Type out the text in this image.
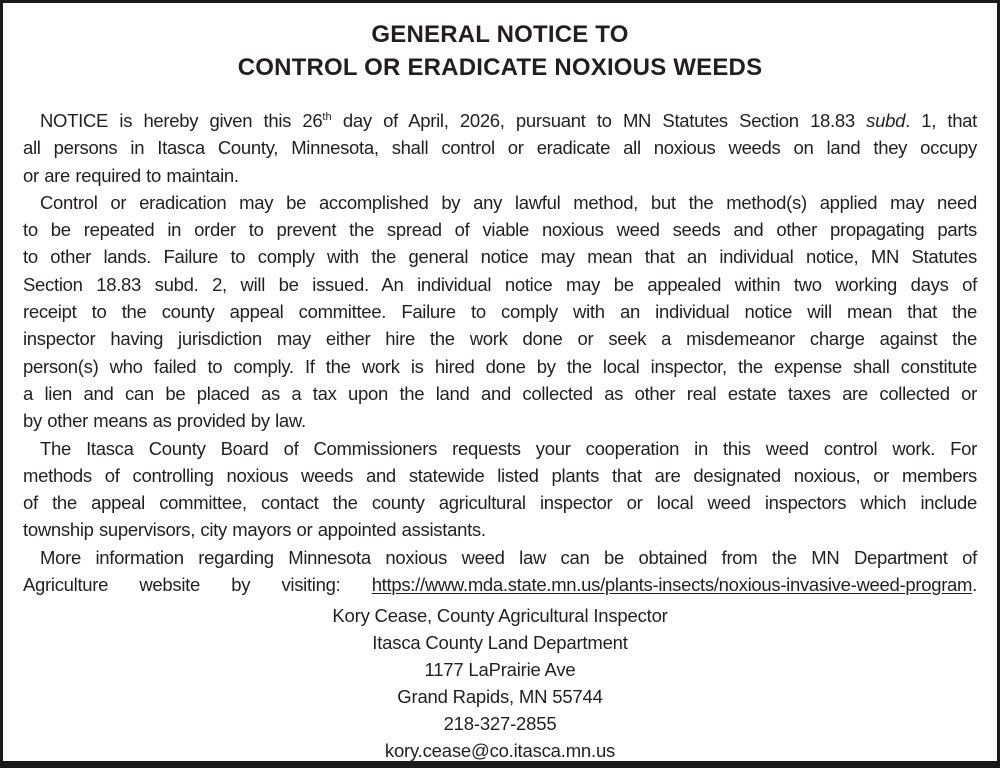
GENERAL NOTICE TO
CONTROL OR ERADICATE NOXIOUS WEEDS
NOTICE is hereby given this 26th day of April, 2026, pursuant to MN Statutes Section 18.83 subd. 1, that
all persons in Itasca County, Minnesota, shall control or eradicate all noxious weeds on land they occupy
or are required to maintain.
Control or eradication may be accomplished by any lawful method, but the method(s) applied may need
to be repeated in order to prevent the spread of viable noxious weed seeds and other propagating parts
to other lands. Failure to comply with the general notice may mean that an individual notice, MN Statutes
Section 18.83 subd. 2, will be issued. An individual notice may be appealed within two working days of
receipt to the county appeal committee. Failure to comply with an individual notice will mean that the
inspector having jurisdiction may either hire the work done or seek a misdemeanor charge against the
person(s) who failed to comply. If the work is hired done by the local inspector, the expense shall constitute
a lien and can be placed as a tax upon the land and collected as other real estate taxes are collected or
by other means as provided by law.
The Itasca County Board of Commissioners requests your cooperation in this weed control work. For
methods of controlling noxious weeds and statewide listed plants that are designated noxious, or members
of the appeal committee, contact the county agricultural inspector or local weed inspectors which include
township supervisors, city mayors or appointed assistants.
More information regarding Minnesota noxious weed law can be obtained from the MN Department of
Agriculture website by visiting: https://www.mda.state.mn.us/plants-insects/noxious-invasive-weed-program.
Kory Cease, County Agricultural Inspector
Itasca County Land Department
1177 LaPrairie Ave
Grand Rapids, MN 55744
218-327-2855
kory.cease@co.itasca.mn.us
